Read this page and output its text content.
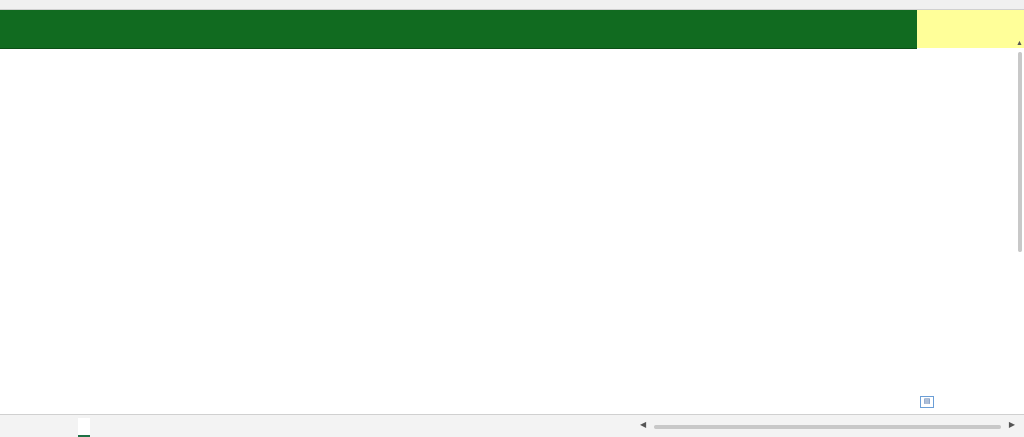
▤
▲
◀	▶
